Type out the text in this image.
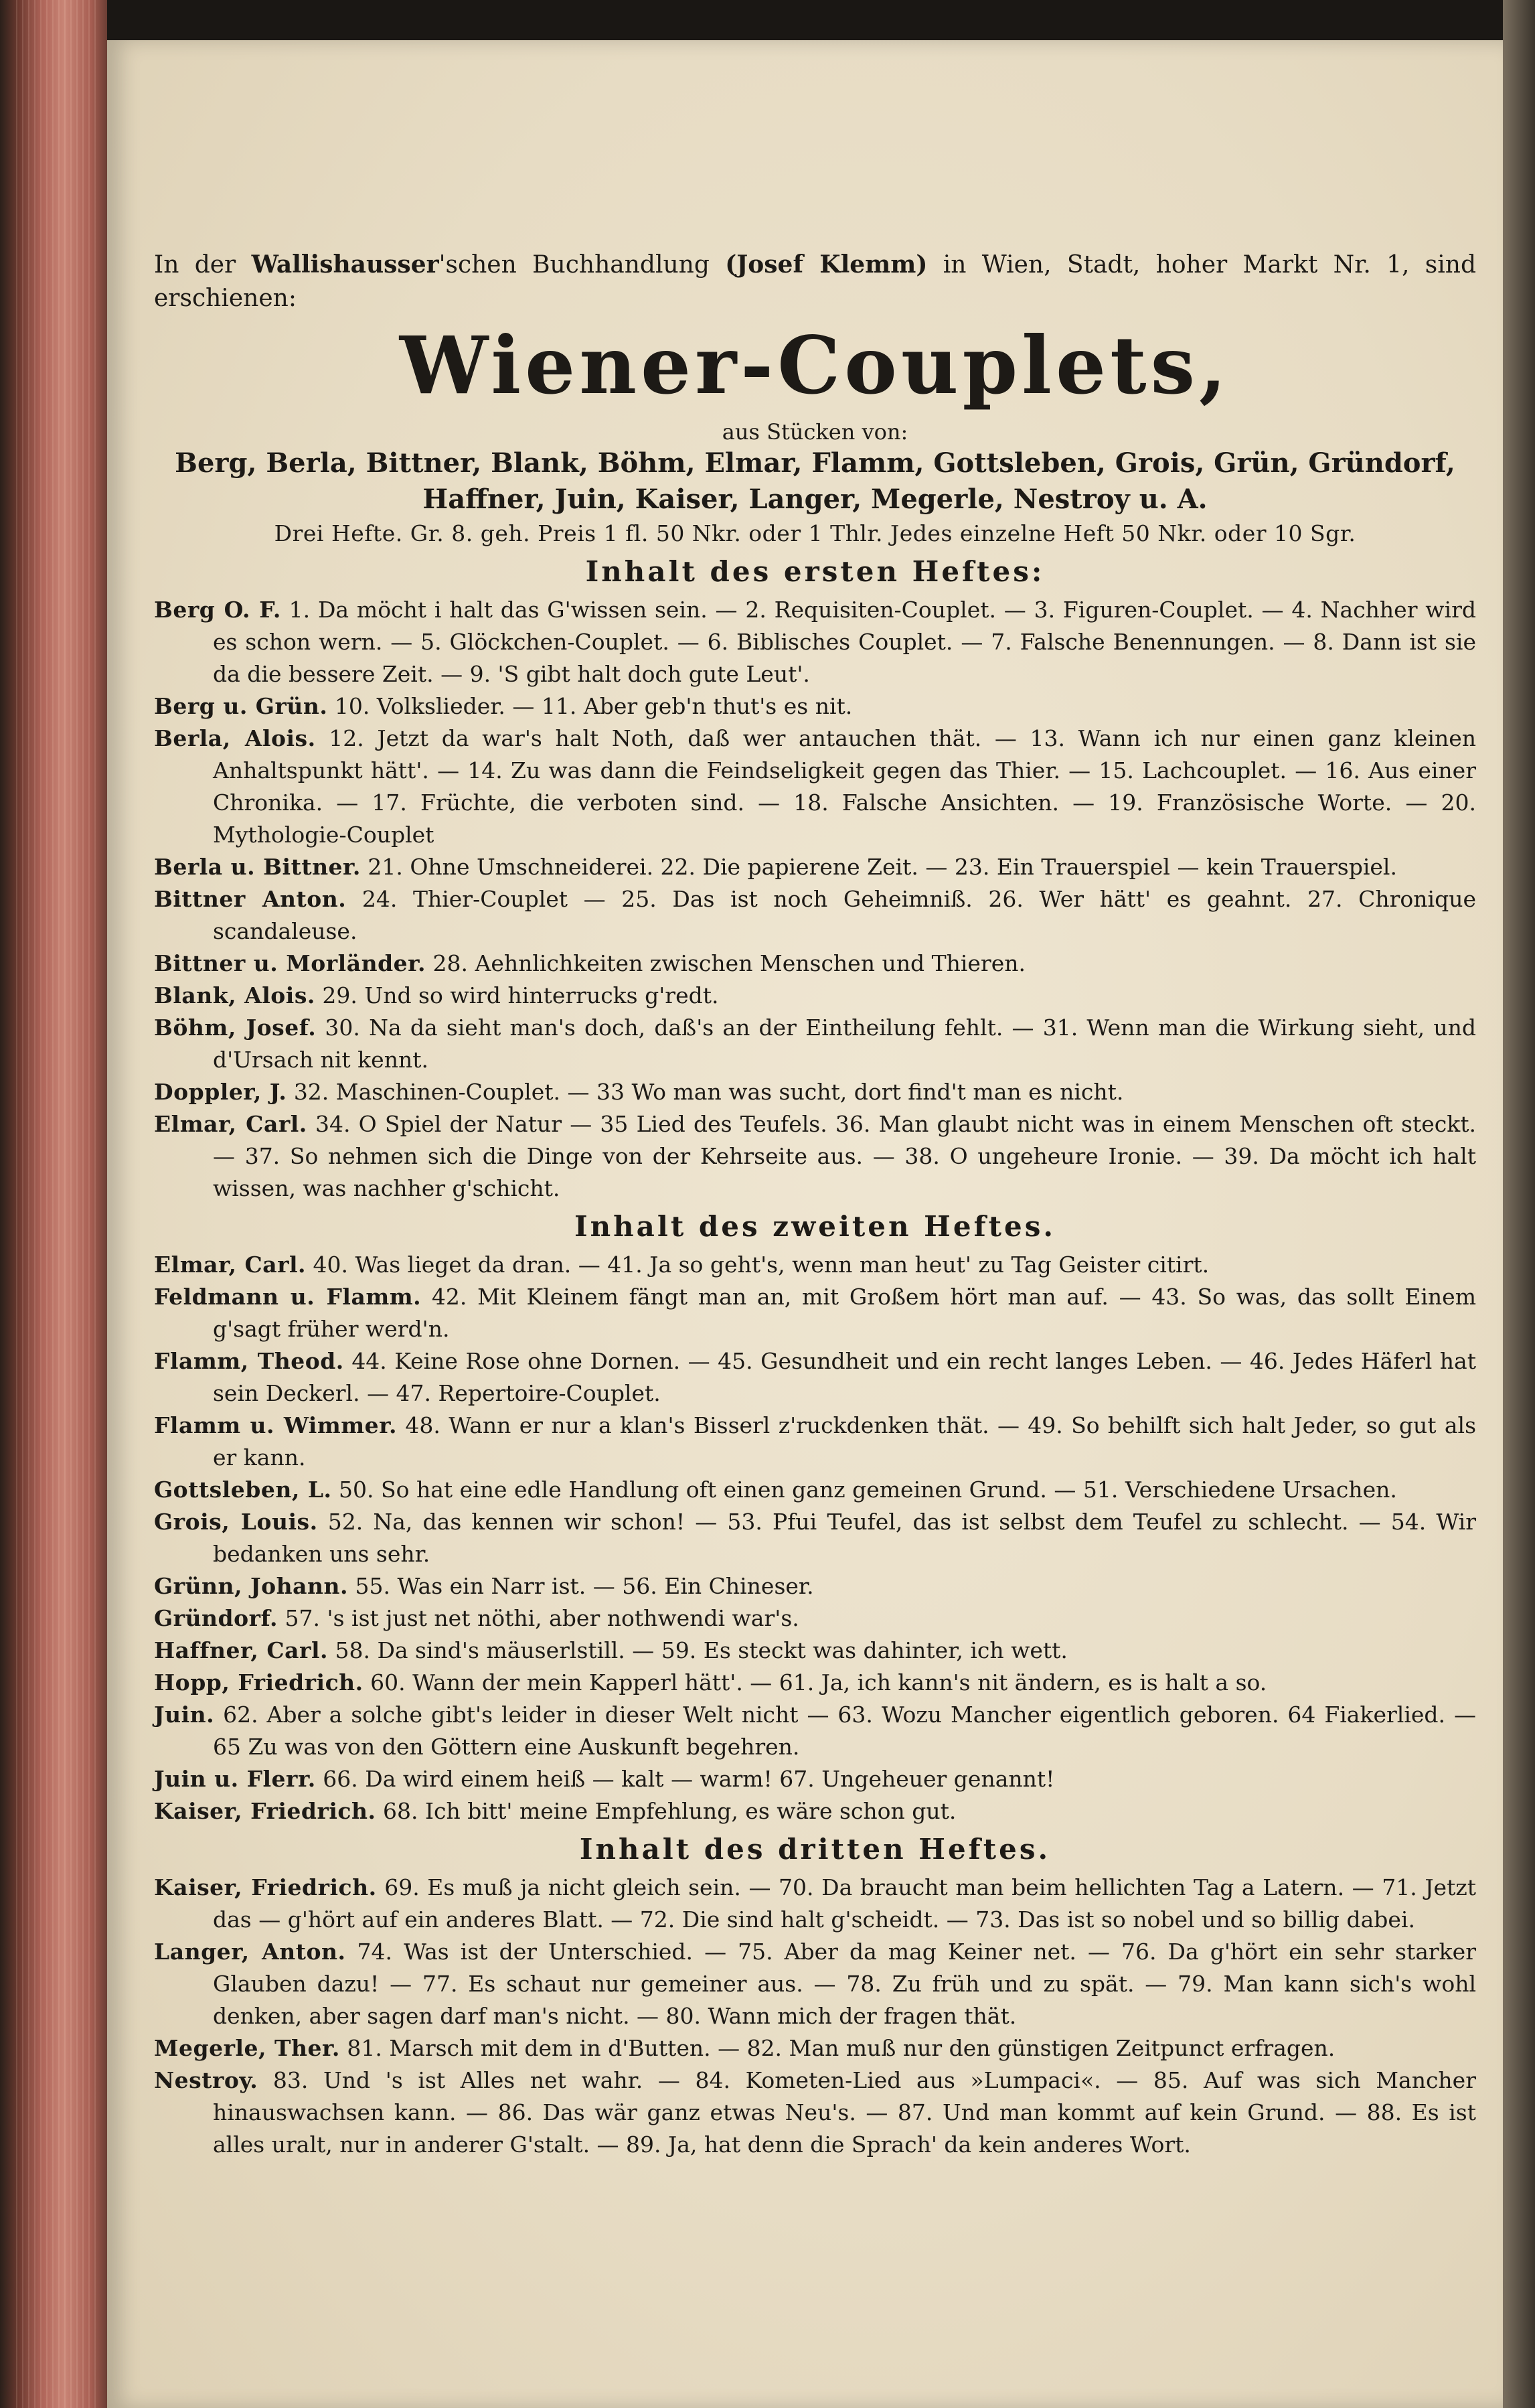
In der Wallishausser'schen Buchhandlung (Josef Klemm) in Wien, Stadt, hoher Markt Nr. 1, sind erschienen:
Wiener-Couplets,
aus Stücken von:
Berg, Berla, Bittner, Blank, Böhm, Elmar, Flamm, Gottsleben, Grois, Grün, Gründorf, Haffner, Juin, Kaiser, Langer, Megerle, Nestroy u. A.
Drei Hefte. Gr. 8. geh. Preis 1 fl. 50 Nkr. oder 1 Thlr. Jedes einzelne Heft 50 Nkr. oder 10 Sgr.
Inhalt des ersten Heftes:

Berg O. F. 1. Da möcht i halt das G'wissen sein. — 2. Requisiten-Couplet. — 3. Figuren-Couplet. — 4. Nachher wird es schon wern. — 5. Glöckchen-Couplet. — 6. Biblisches Couplet. — 7. Falsche Benennungen. — 8. Dann ist sie da die bessere Zeit. — 9. 'S gibt halt doch gute Leut'.

Berg u. Grün. 10. Volkslieder. — 11. Aber geb'n thut's es nit.

Berla, Alois. 12. Jetzt da war's halt Noth, daß wer antauchen thät. — 13. Wann ich nur einen ganz kleinen Anhaltspunkt hätt'. — 14. Zu was dann die Feindseligkeit gegen das Thier. — 15. Lachcouplet. — 16. Aus einer Chronika. — 17. Früchte, die verboten sind. — 18. Falsche Ansichten. — 19. Französische Worte. — 20. Mythologie-Couplet

Berla u. Bittner. 21. Ohne Umschneiderei. 22. Die papierene Zeit. — 23. Ein Trauerspiel — kein Trauerspiel.

Bittner Anton. 24. Thier-Couplet — 25. Das ist noch Geheimniß. 26. Wer hätt' es geahnt. 27. Chronique scandaleuse.

Bittner u. Morländer. 28. Aehnlichkeiten zwischen Menschen und Thieren.

Blank, Alois. 29. Und so wird hinterrucks g'redt.

Böhm, Josef. 30. Na da sieht man's doch, daß's an der Eintheilung fehlt. — 31. Wenn man die Wirkung sieht, und d'Ursach nit kennt.

Doppler, J. 32. Maschinen-Couplet. — 33 Wo man was sucht, dort find't man es nicht.

Elmar, Carl. 34. O Spiel der Natur — 35 Lied des Teufels. 36. Man glaubt nicht was in einem Menschen oft steckt. — 37. So nehmen sich die Dinge von der Kehrseite aus. — 38. O ungeheure Ironie. — 39. Da möcht ich halt wissen, was nachher g'schicht.

Inhalt des zweiten Heftes.

Elmar, Carl. 40. Was lieget da dran. — 41. Ja so geht's, wenn man heut' zu Tag Geister citirt.

Feldmann u. Flamm. 42. Mit Kleinem fängt man an, mit Großem hört man auf. — 43. So was, das sollt Einem g'sagt früher werd'n.

Flamm, Theod. 44. Keine Rose ohne Dornen. — 45. Gesundheit und ein recht langes Leben. — 46. Jedes Häferl hat sein Deckerl. — 47. Repertoire-Couplet.

Flamm u. Wimmer. 48. Wann er nur a klan's Bisserl z'ruckdenken thät. — 49. So behilft sich halt Jeder, so gut als er kann.

Gottsleben, L. 50. So hat eine edle Handlung oft einen ganz gemeinen Grund. — 51. Verschiedene Ursachen.

Grois, Louis. 52. Na, das kennen wir schon! — 53. Pfui Teufel, das ist selbst dem Teufel zu schlecht. — 54. Wir bedanken uns sehr.

Grünn, Johann. 55. Was ein Narr ist. — 56. Ein Chineser.

Gründorf. 57. 's ist just net nöthi, aber nothwendi war's.

Haffner, Carl. 58. Da sind's mäuserlstill. — 59. Es steckt was dahinter, ich wett.

Hopp, Friedrich. 60. Wann der mein Kapperl hätt'. — 61. Ja, ich kann's nit ändern, es is halt a so.

Juin. 62. Aber a solche gibt's leider in dieser Welt nicht — 63. Wozu Mancher eigentlich geboren. 64 Fiakerlied. — 65 Zu was von den Göttern eine Auskunft begehren.

Juin u. Flerr. 66. Da wird einem heiß — kalt — warm! 67. Ungeheuer genannt!

Kaiser, Friedrich. 68. Ich bitt' meine Empfehlung, es wäre schon gut.

Inhalt des dritten Heftes.

Kaiser, Friedrich. 69. Es muß ja nicht gleich sein. — 70. Da braucht man beim hellichten Tag a Latern. — 71. Jetzt das — g'hört auf ein anderes Blatt. — 72. Die sind halt g'scheidt. — 73. Das ist so nobel und so billig dabei.

Langer, Anton. 74. Was ist der Unterschied. — 75. Aber da mag Keiner net. — 76. Da g'hört ein sehr starker Glauben dazu! — 77. Es schaut nur gemeiner aus. — 78. Zu früh und zu spät. — 79. Man kann sich's wohl denken, aber sagen darf man's nicht. — 80. Wann mich der fragen thät.

Megerle, Ther. 81. Marsch mit dem in d'Butten. — 82. Man muß nur den günstigen Zeitpunct erfragen.

Nestroy. 83. Und 's ist Alles net wahr. — 84. Kometen-Lied aus »Lumpaci«. — 85. Auf was sich Mancher hinauswachsen kann. — 86. Das wär ganz etwas Neu's. — 87. Und man kommt auf kein Grund. — 88. Es ist alles uralt, nur in anderer G'stalt. — 89. Ja, hat denn die Sprach' da kein anderes Wort.
